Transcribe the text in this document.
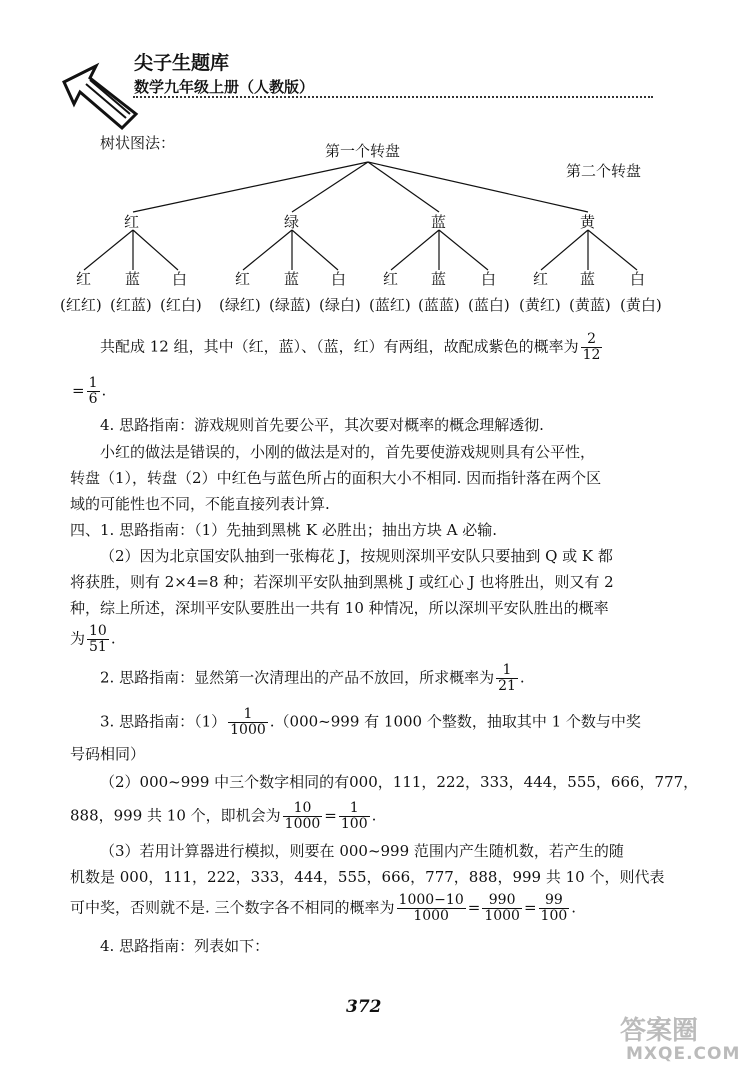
尖子生题库
数学九年级上册（人教版）
树状图法：	第一个转盘
第二个转盘
红	绿	蓝	黄
红 蓝 白	红 蓝 白 红 蓝 白 红 蓝 白
(红红) (红蓝) (红白) (绿红) (绿蓝) (绿白) (蓝红) (蓝蓝) (蓝白) (黄红) (黄蓝) (黄白)
共配成 12 组，其中（红，蓝）、（蓝，红）有两组，故配成紫色的概率为 $\frac{2}{12}$
= $\frac{1}{6}$ .
4. 思路指南：游戏规则首先要公平，其次要对概率的概念理解透彻.
小红的做法是错误的，小刚的做法是对的，首先要使游戏规则具有公平性，
转盘（1），转盘（2）中红色与蓝色所占的面积大小不相同. 因而指针落在两个区
域的可能性也不同，不能直接列表计算.
四、1. 思路指南：（1）先抽到黑桃 K 必胜出；抽出方块 A 必输.
（2）因为北京国安队抽到一张梅花 J，按规则深圳平安队只要抽到 Q 或 K 都
将获胜，则有 2×4=8 种；若深圳平安队抽到黑桃 J 或红心 J 也将胜出，则又有 2
种，综上所述，深圳平安队要胜出一共有 10 种情况，所以深圳平安队胜出的概率
为 $\frac{10}{51}$ .
2. 思路指南：显然第一次清理出的产品不放回，所求概率为 $\frac{1}{21}$ .
3. 思路指南：$(1) \frac{1}{1000}$ .（000~999 有 1000 个整数，抽取其中 1 个数与中奖
号码相同）
（2）000~999 中三个数字相同的有000，111，222，333，444，555，666，777，
888，999 共 10 个，即机会为 $\frac{10}{1000} = \frac{1}{100}$ .
（3）若用计算器进行模拟，则要在 000~999 范围内产生随机数，若产生的随
机数是 000，111，222，333，444，555，666，777，888，999 共 10 个，则代表
可中奖，否则就不是. 三个数字各不相同的概率为 $\frac{1000-10}{1000} = \frac{990}{1000} = \frac{99}{100}$ .
4. 思路指南：列表如下：
372
答案圈
MXQE.COM
